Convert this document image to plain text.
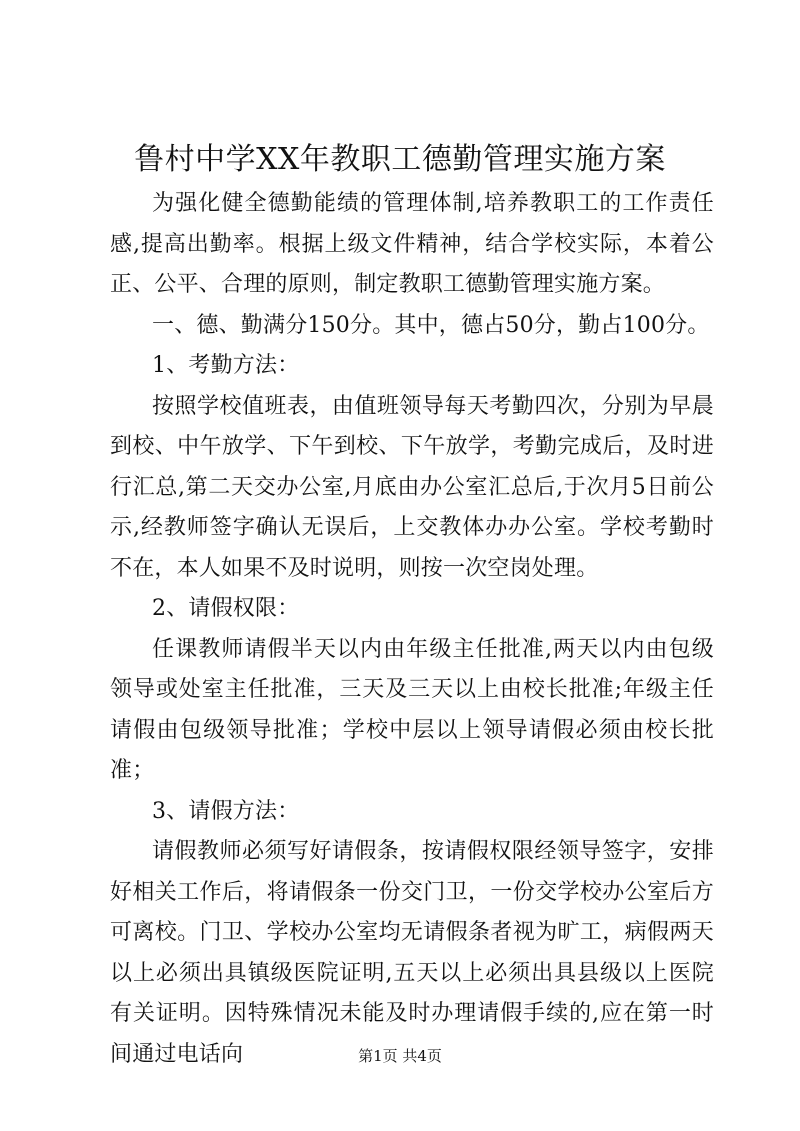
鲁村中学XX年教职工德勤管理实施方案

为强化健全德勤能绩的管理体制,培养教职工的工作责任感,提高出勤率。根据上级文件精神，结合学校实际，本着公正、公平、合理的原则，制定教职工德勤管理实施方案。

一、德、勤满分150分。其中，德占50分，勤占100分。

1、考勤方法：

按照学校值班表，由值班领导每天考勤四次，分别为早晨到校、中午放学、下午到校、下午放学，考勤完成后，及时进行汇总,第二天交办公室,月底由办公室汇总后,于次月5日前公示,经教师签字确认无误后，上交教体办办公室。学校考勤时不在，本人如果不及时说明，则按一次空岗处理。

2、请假权限：

任课教师请假半天以内由年级主任批准,两天以内由包级领导或处室主任批准，三天及三天以上由校长批准;年级主任请假由包级领导批准；学校中层以上领导请假必须由校长批准；

3、请假方法：

请假教师必须写好请假条，按请假权限经领导签字，安排好相关工作后，将请假条一份交门卫，一份交学校办公室后方可离校。门卫、学校办公室均无请假条者视为旷工，病假两天以上必须出具镇级医院证明,五天以上必须出具县级以上医院有关证明。因特殊情况未能及时办理请假手续的,应在第一时间通过电话向	第1页 共4页
